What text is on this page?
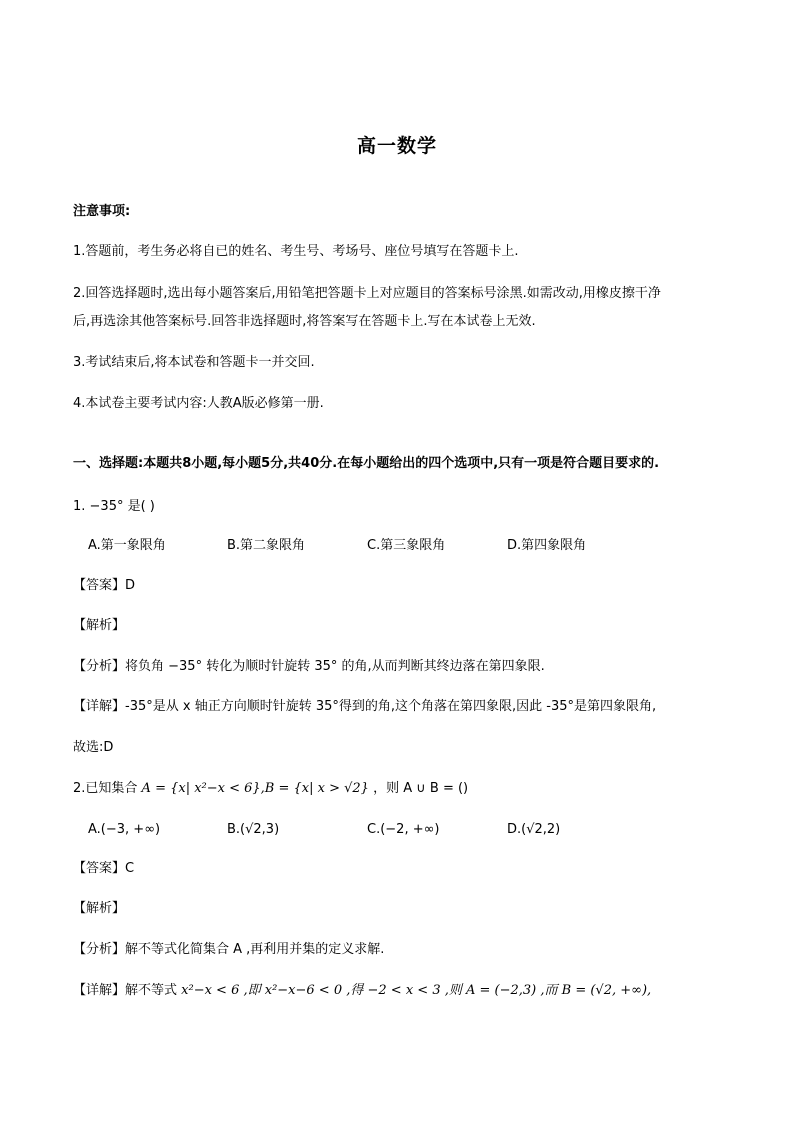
高一数学
注意事项:
1.答题前，考生务必将自已的姓名、考生号、考场号、座位号填写在答题卡上.
2.回答选择题时,选出每小题答案后,用铅笔把答题卡上对应题目的答案标号涂黑.如需改动,用橡皮擦干净
后,再选涂其他答案标号.回答非选择题时,将答案写在答题卡上.写在本试卷上无效.
3.考试结束后,将本试卷和答题卡一并交回.
4.本试卷主要考试内容:人教A版必修第一册.
一、选择题:本题共8小题,每小题5分,共40分.在每小题给出的四个选项中,只有一项是符合题目要求的.
1. −35° 是( )
A.第一象限角	B.第二象限角	C.第三象限角	D.第四象限角
【答案】D
【解析】
【分析】将负角 −35° 转化为顺时针旋转 35° 的角,从而判断其终边落在第四象限.
【详解】-35°是从 x 轴正方向顺时针旋转 35°得到的角,这个角落在第四象限,因此 -35°是第四象限角,
故选:D
2.已知集合 A = {x| x²−x < 6},B = {x| x > √2} ，则 A ∪ B = ()
A.(−3, +∞)	B.(√2,3)	C.(−2, +∞)	D.(√2,2)
【答案】C
【解析】
【分析】解不等式化简集合 A ,再利用并集的定义求解.
【详解】解不等式 x²−x < 6 ,即 x²−x−6 < 0 ,得 −2 < x < 3 ,则 A = (−2,3) ,而 B = (√2, +∞),
